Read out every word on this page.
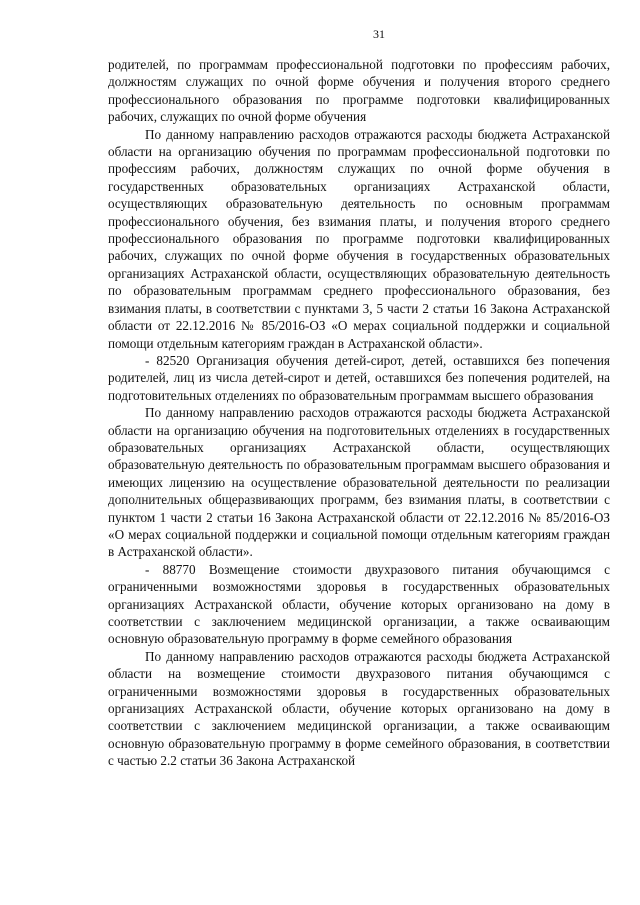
31

родителей, по программам профессиональной подготовки по профессиям рабочих, должностям служащих по очной форме обучения и получения второго среднего профессионального образования по программе подготовки квалифицированных рабочих, служащих по очной форме обучения

По данному направлению расходов отражаются расходы бюджета Астраханской области на организацию обучения по программам профессиональной подготовки по профессиям рабочих, должностям служащих по очной форме обучения в государственных образовательных организациях Астраханской области, осуществляющих образовательную деятельность по основным программам профессионального обучения, без взимания платы, и получения второго среднего профессионального образования по программе подготовки квалифицированных рабочих, служащих по очной форме обучения в государственных образовательных организациях Астраханской области, осуществляющих образовательную деятельность по образовательным программам среднего профессионального образования, без взимания платы, в соответствии с пунктами 3, 5 части 2 статьи 16 Закона Астраханской области от 22.12.2016 № 85/2016-ОЗ «О мерах социальной поддержки и социальной помощи отдельным категориям граждан в Астраханской области».

- 82520 Организация обучения детей-сирот, детей, оставшихся без попечения родителей, лиц из числа детей-сирот и детей, оставшихся без попечения родителей, на подготовительных отделениях по образовательным программам высшего образования

По данному направлению расходов отражаются расходы бюджета Астраханской области на организацию обучения на подготовительных отделениях в государственных образовательных организациях Астраханской области, осуществляющих образовательную деятельность по образовательным программам высшего образования и имеющих лицензию на осуществление образовательной деятельности по реализации дополнительных общеразвивающих программ, без взимания платы, в соответствии с пунктом 1 части 2 статьи 16 Закона Астраханской области от 22.12.2016 № 85/2016-ОЗ «О мерах социальной поддержки и социальной помощи отдельным категориям граждан в Астраханской области».

- 88770 Возмещение стоимости двухразового питания обучающимся с ограниченными возможностями здоровья в государственных образовательных организациях Астраханской области, обучение которых организовано на дому в соответствии с заключением медицинской организации, а также осваивающим основную образовательную программу в форме семейного образования

По данному направлению расходов отражаются расходы бюджета Астраханской области на возмещение стоимости двухразового питания обучающимся с ограниченными возможностями здоровья в государственных образовательных организациях Астраханской области, обучение которых организовано на дому в соответствии с заключением медицинской организации, а также осваивающим основную образовательную программу в форме семейного образования, в соответствии с частью 2.2 статьи 36 Закона Астраханской
